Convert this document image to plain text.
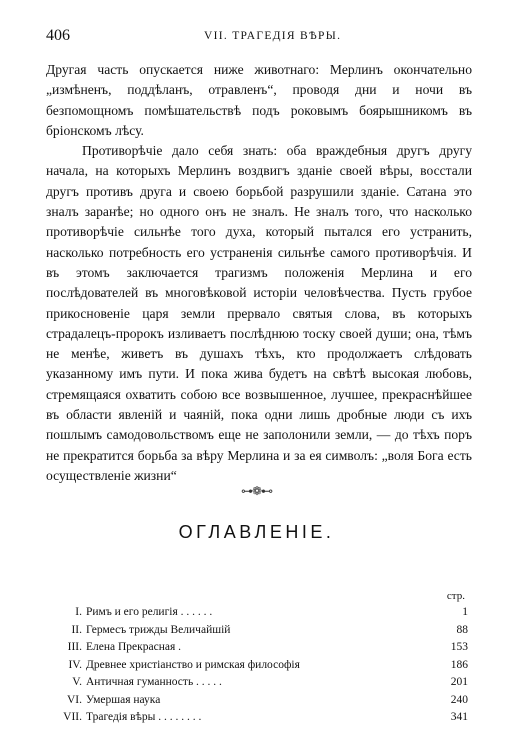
406	VII. ТРАГЕДІЯ ВѢРЫ.

Другая часть опускается ниже животнаго: Мерлинъ окончательно „измѣненъ, поддѣланъ, отравленъ“, проводя дни и ночи въ безпомощномъ помѣшательствѣ подъ роковымъ боярышникомъ въ бріонскомъ лѣсу.

Противорѣчіе дало себя знать: оба враждебныя другъ другу начала, на которыхъ Мерлинъ воздвигъ зданіе своей вѣры, восстали другъ противъ друга и своею борьбой разрушили зданіе. Сатана это зналъ заранѣе; но одного онъ не зналъ. Не зналъ того, что насколько противорѣчіе сильнѣе того духа, который пытался его устранить, насколько потребность его устраненія сильнѣе самого противорѣчія. И въ этомъ заключается трагизмъ положенія Мерлина и его послѣдователей въ многовѣковой исторіи человѣчества. Пусть грубое прикосновеніе царя земли прервало святыя слова, въ которыхъ страдалецъ-пророкъ изливаетъ послѣднюю тоску своей души; она, тѣмъ не менѣе, живетъ въ душахъ тѣхъ, кто продолжаетъ слѣдовать указанному имъ пути. И пока жива будетъ на свѣтѣ высокая любовь, стремящаяся охватить собою все возвышенное, лучшее, прекраснѣйшее въ области явленій и чаяній, пока одни лишь дробные люди съ ихъ пошлымъ самодовольствомъ еще не заполонили земли, — до тѣхъ поръ не прекратится борьба за вѣру Мерлина и за ея символъ: „воля Бога есть осуществленіе жизни“

⊶❁⊷
ОГЛАВЛЕНІЕ.
стр.
I. Римъ и его религія . . . . . .	1
II. Гермесъ трижды Величайшій	88
III. Елена Прекрасная .	153
IV. Древнее христіанство и римская философія	186
V. Античная гуманность . . . . .	201
VI. Умершая наука	240
VII. Трагедія вѣры . . . . . . . .	341
